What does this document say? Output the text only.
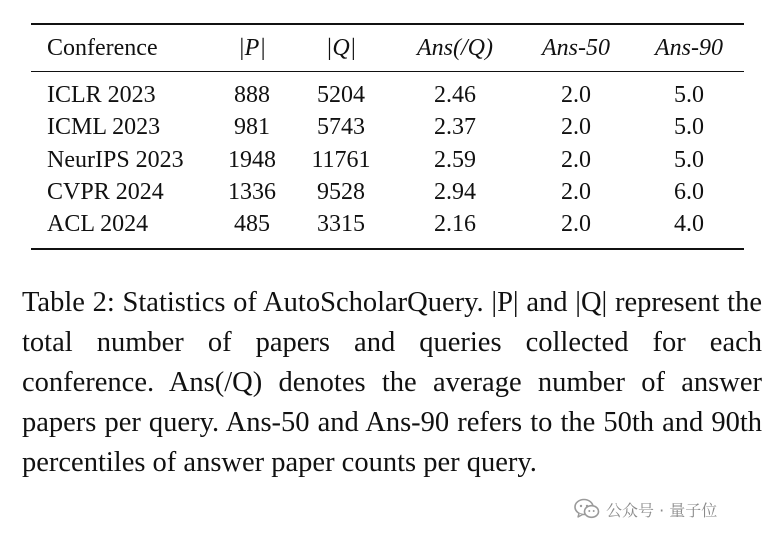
Conference	|P|	|Q|	Ans(/Q)	Ans-50	Ans-90
ICLR 2023	888	5204	2.46	2.0	5.0
ICML 2023	981	5743	2.37	2.0	5.0
NeurIPS 2023	1948	11761	2.59	2.0	5.0
CVPR 2024	1336	9528	2.94	2.0	6.0
ACL 2024	485	3315	2.16	2.0	4.0

Table 2: Statistics of AutoScholarQuery. |P| and |Q| represent the total number of papers and queries collected for each conference. Ans(/Q) denotes the average number of answer papers per query. Ans-50 and Ans-90 refers to the 50th and 90th percentiles of answer paper counts per query.

公众号 · 量子位
